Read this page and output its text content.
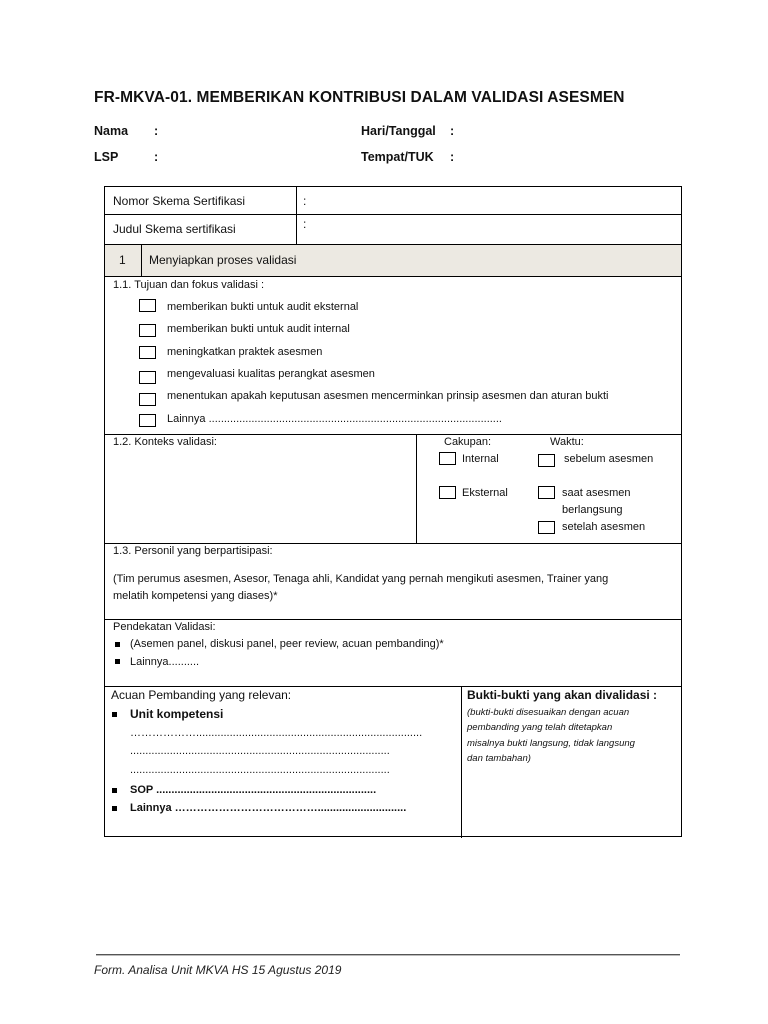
FR-MKVA-01. MEMBERIKAN KONTRIBUSI DALAM VALIDASI ASESMEN
Nama :
LSP	:
Hari/Tanggal :
Tempat/TUK :
Nomor Skema Sertifikasi	:
Judul Skema sertifikasi	:
1 Menyiapkan proses validasi
1.1. Tujuan dan fokus validasi :
memberikan bukti untuk audit eksternal
memberikan bukti untuk audit internal
meningkatkan praktek asesmen
mengevaluasi kualitas perangkat asesmen
menentukan apakah keputusan asesmen mencerminkan prinsip asesmen dan aturan bukti
Lainnya ................................................................................................
1.2. Konteks validasi:	Cakupan:	Waktu:
Internal	sebelum asesmen
Eksternal	saat asesmen
berlangsung
setelah asesmen
1.3. Personil yang berpartisipasi:
(Tim perumus asesmen, Asesor, Tenaga ahli, Kandidat yang pernah mengikuti asesmen, Trainer yang
melatih kompetensi yang diases)*
Pendekatan Validasi:
(Asemen panel, diskusi panel, peer review, acuan pembanding)*
Lainnya..........
Acuan Pembanding yang relevan:
Unit kompetensi
………………..........................................................................
.....................................................................................
.....................................................................................
SOP ........................................................................
Lainnya ………………………………….............................
Bukti-bukti yang akan divalidasi :
(bukti-bukti disesuaikan dengan acuan
pembanding yang telah ditetapkan
misalnya bukti langsung, tidak langsung
dan tambahan)
Form. Analisa Unit MKVA HS 15 Agustus 2019
